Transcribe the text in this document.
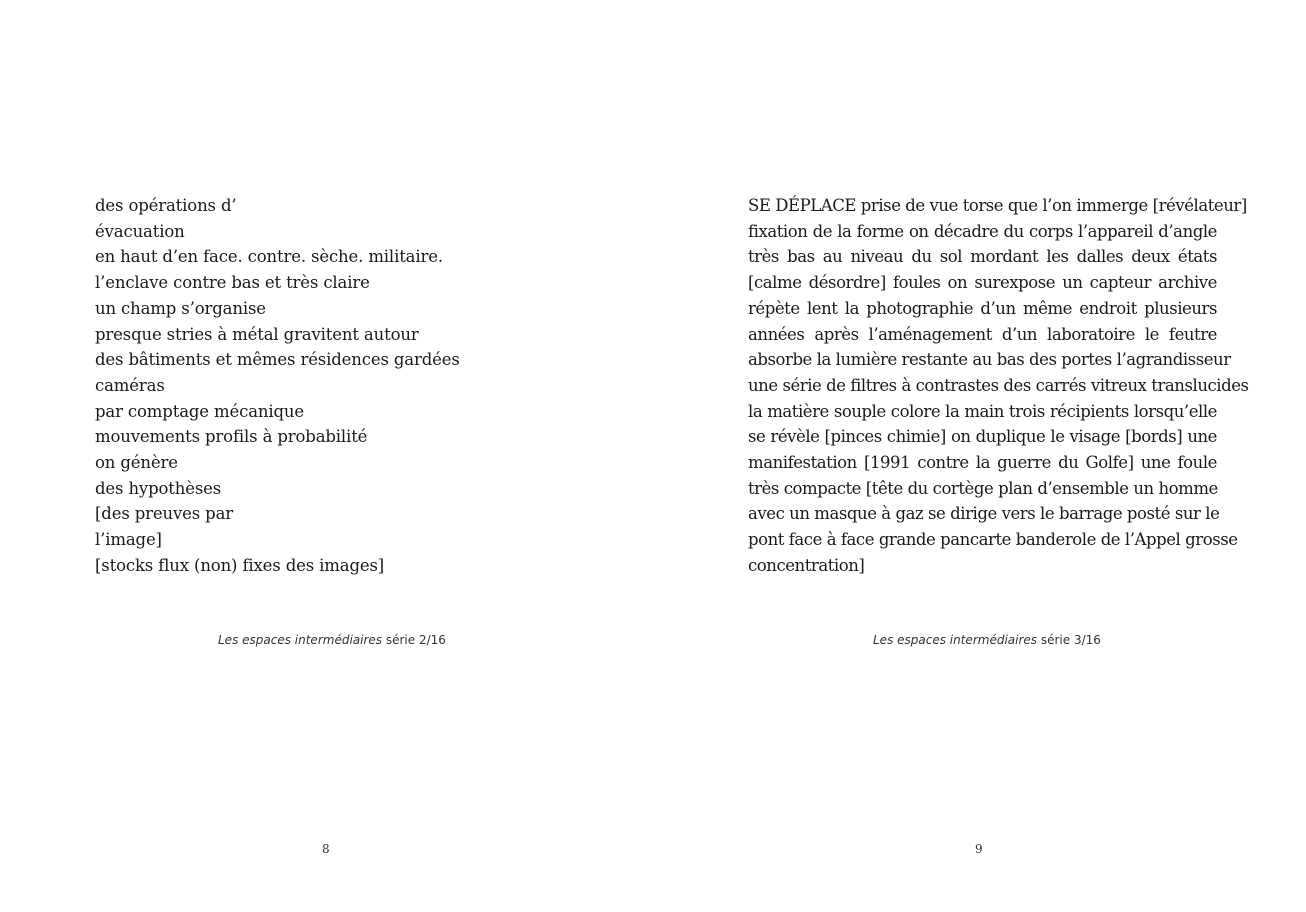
des opérations d’
évacuation
en haut d’en face. contre. sèche. militaire.
l’enclave contre bas et très claire
un champ s’organise
presque stries à métal gravitent autour
des bâtiments et mêmes résidences gardées
caméras
par comptage mécanique
mouvements profils à probabilité
on génère
des hypothèses
[des preuves par
l’image]
[stocks flux (non) fixes des images]
Les espaces intermédiaires série 2/16
8
SE DÉPLACE prise de vue torse que l’on immerge [révélateur]
fixation de la forme on décadre du corps l’appareil d’angle
très bas au niveau du sol mordant les dalles deux états
[calme désordre] foules on surexpose un capteur archive
répète lent la photographie d’un même endroit plusieurs
années après l’aménagement d’un laboratoire le feutre
absorbe la lumière restante au bas des portes l’agrandisseur
une série de filtres à contrastes des carrés vitreux translucides
la matière souple colore la main trois récipients lorsqu’elle
se révèle [pinces chimie] on duplique le visage [bords] une
manifestation [1991 contre la guerre du Golfe] une foule
très compacte [tête du cortège plan d’ensemble un homme
avec un masque à gaz se dirige vers le barrage posté sur le
pont face à face grande pancarte banderole de l’Appel grosse
concentration]
Les espaces intermédiaires série 3/16
9
